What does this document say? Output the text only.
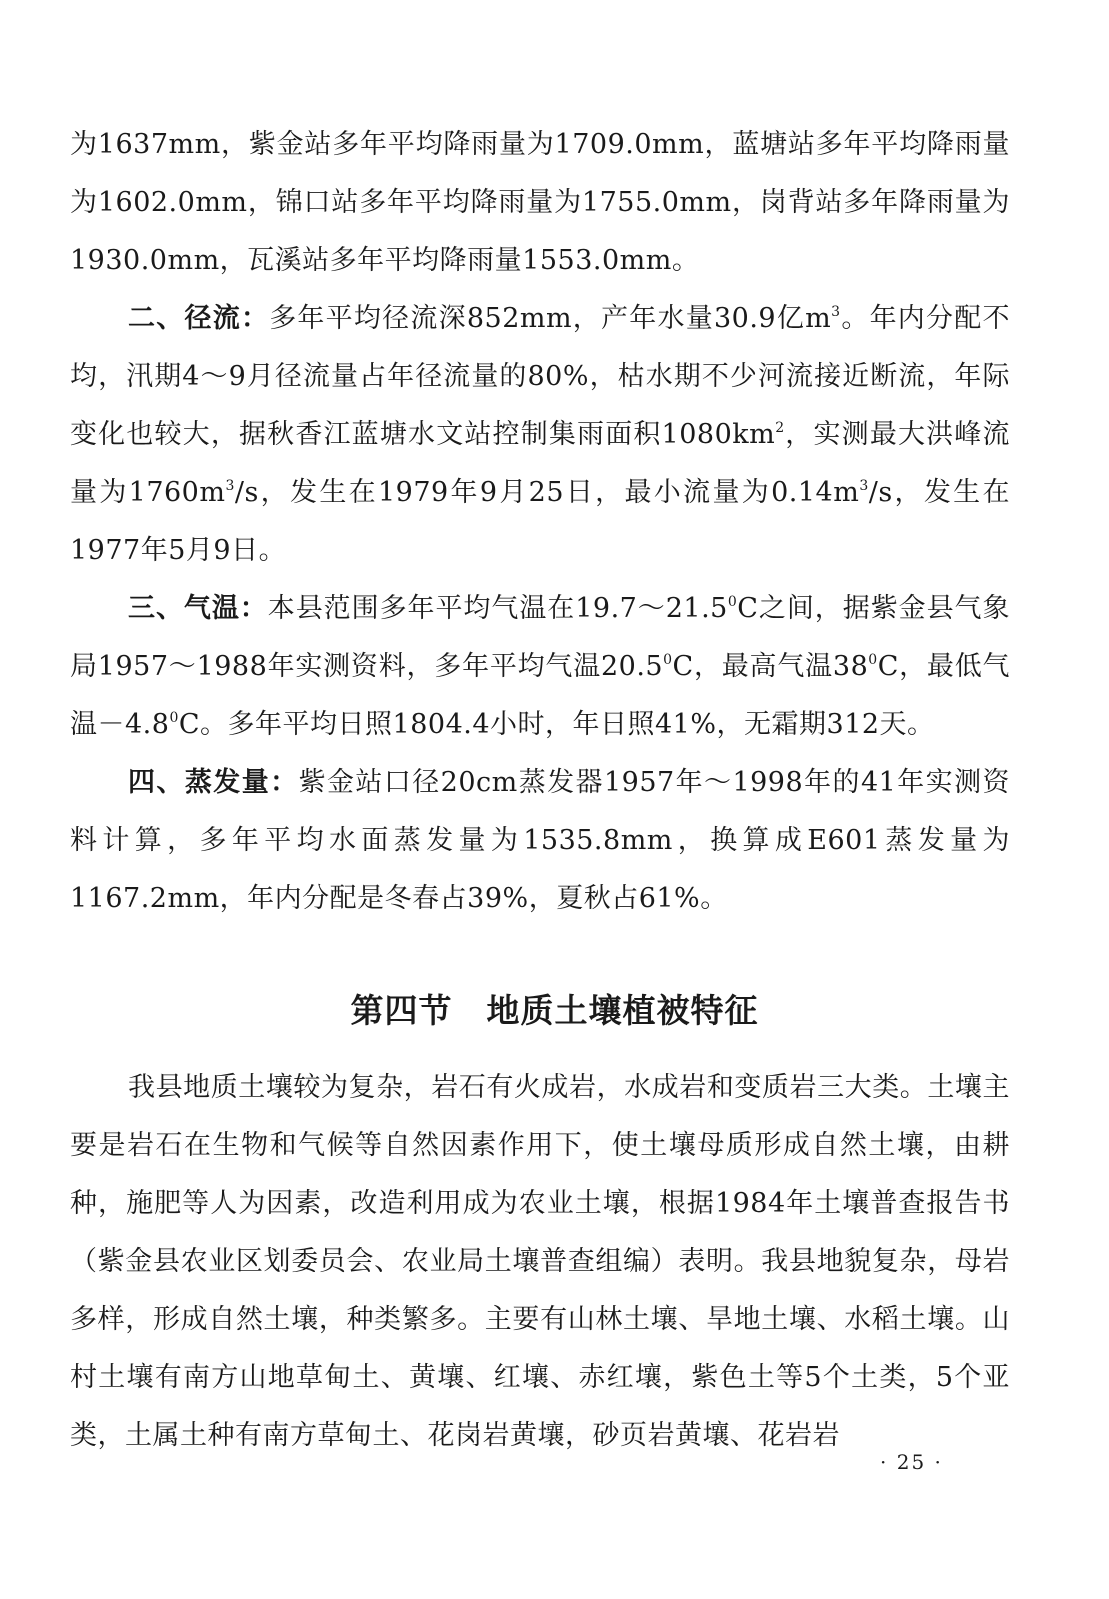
为1637mm，紫金站多年平均降雨量为1709.0mm，蓝塘站多年平均降雨量为1602.0mm，锦口站多年平均降雨量为1755.0mm，岗背站多年降雨量为1930.0mm，瓦溪站多年平均降雨量1553.0mm。

二、径流：多年平均径流深852mm，产年水量30.9亿$m^3$。年内分配不均，汛期4～9月径流量占年径流量的80%，枯水期不少河流接近断流，年际变化也较大，据秋香江蓝塘水文站控制集雨面积$1080km^2$，实测最大洪峰流量为$1760m^3/s$，发生在1979年9月25日，最小流量为$0.14m^3/s$，发生在1977年5月9日。

三、气温：本县范围多年平均气温在19.7～21.5$^0$C之间，据紫金县气象局1957～1988年实测资料，多年平均气温20.5$^0$C，最高气温$38^0C$，最低气温$-4.8^0C$。多年平均日照1804.4小时，年日照41%，无霜期312天。

四、蒸发量：紫金站口径20cm蒸发器1957年～1998年的41年实测资料计算，多年平均水面蒸发量为1535.8mm，换算成E601蒸发量为1167.2mm，年内分配是冬春占39%，夏秋占61%。

第四节　地质土壤植被特征

我县地质土壤较为复杂，岩石有火成岩，水成岩和变质岩三大类。土壤主要是岩石在生物和气候等自然因素作用下，使土壤母质形成自然土壤，由耕种，施肥等人为因素，改造利用成为农业土壤，根据1984年土壤普查报告书（紫金县农业区划委员会、农业局土壤普查组编）表明。我县地貌复杂，母岩多样，形成自然土壤，种类繁多。主要有山林土壤、旱地土壤、水稻土壤。山村土壤有南方山地草甸土、黄壤、红壤、赤红壤，紫色土等5个土类，5个亚类，土属土种有南方草甸土、花岗岩黄壤，砂页岩黄壤、花岩岩

· 25 ·
